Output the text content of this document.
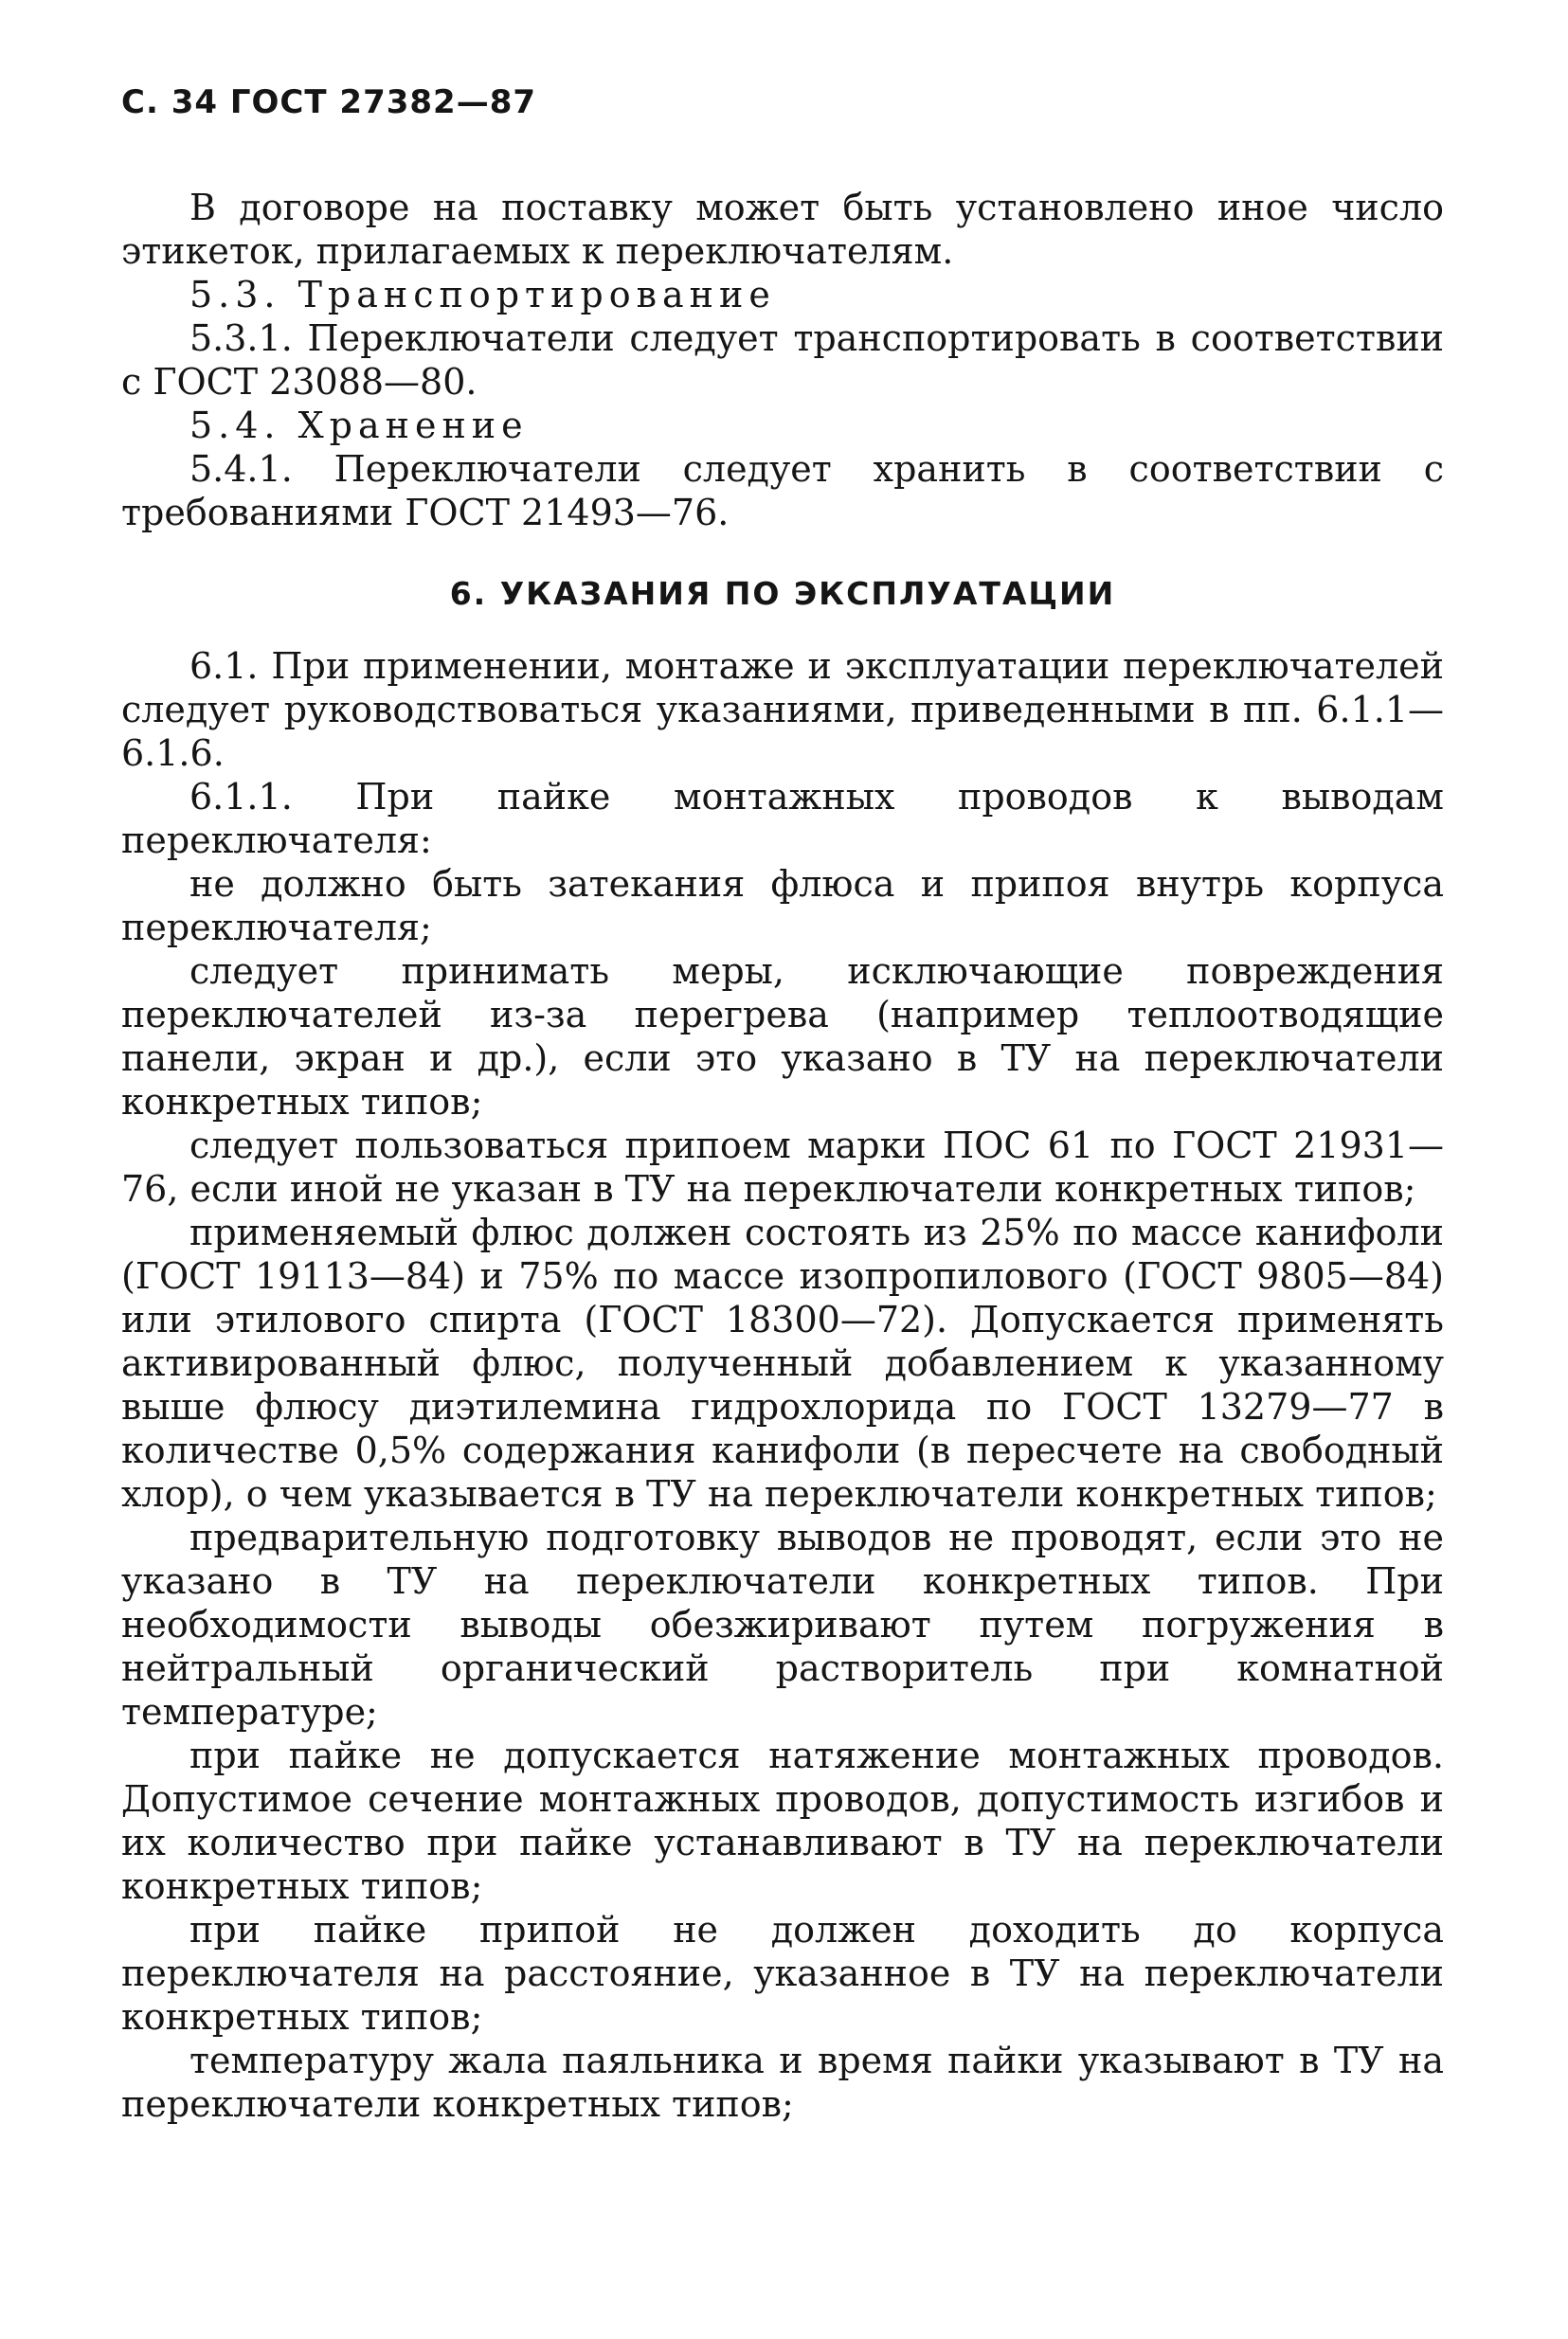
С. 34 ГОСТ 27382—87

В договоре на поставку может быть установлено иное число этикеток, прилагаемых к переключателям.

5.3. Транспортирование

5.3.1. Переключатели следует транспортировать в соответствии с ГОСТ 23088—80.

5.4. Хранение

5.4.1. Переключатели следует хранить в соответствии с требованиями ГОСТ 21493—76.

6. УКАЗАНИЯ ПО ЭКСПЛУАТАЦИИ

6.1. При применении, монтаже и эксплуатации переключателей следует руководствоваться указаниями, приведенными в пп. 6.1.1—6.1.6.

6.1.1. При пайке монтажных проводов к выводам переключателя:

не должно быть затекания флюса и припоя внутрь корпуса переключателя;

следует принимать меры, исключающие повреждения переключателей из-за перегрева (например теплоотводящие панели, экран и др.), если это указано в ТУ на переключатели конкретных типов;

следует пользоваться припоем марки ПОС 61 по ГОСТ 21931—76, если иной не указан в ТУ на переключатели конкретных типов;

применяемый флюс должен состоять из 25% по массе канифоли (ГОСТ 19113—84) и 75% по массе изопропилового (ГОСТ 9805—84) или этилового спирта (ГОСТ 18300—72). Допускается применять активированный флюс, полученный добавлением к указанному выше флюсу диэтилемина гидрохлорида по ГОСТ 13279—77 в количестве 0,5% содержания канифоли (в пересчете на свободный хлор), о чем указывается в ТУ на переключатели конкретных типов;

предварительную подготовку выводов не проводят, если это не указано в ТУ на переключатели конкретных типов. При необходимости выводы обезжиривают путем погружения в нейтральный органический растворитель при комнатной температуре;

при пайке не допускается натяжение монтажных проводов. Допустимое сечение монтажных проводов, допустимость изгибов и их количество при пайке устанавливают в ТУ на переключатели конкретных типов;

при пайке припой не должен доходить до корпуса переключателя на расстояние, указанное в ТУ на переключатели конкретных типов;

температуру жала паяльника и время пайки указывают в ТУ на переключатели конкретных типов;
